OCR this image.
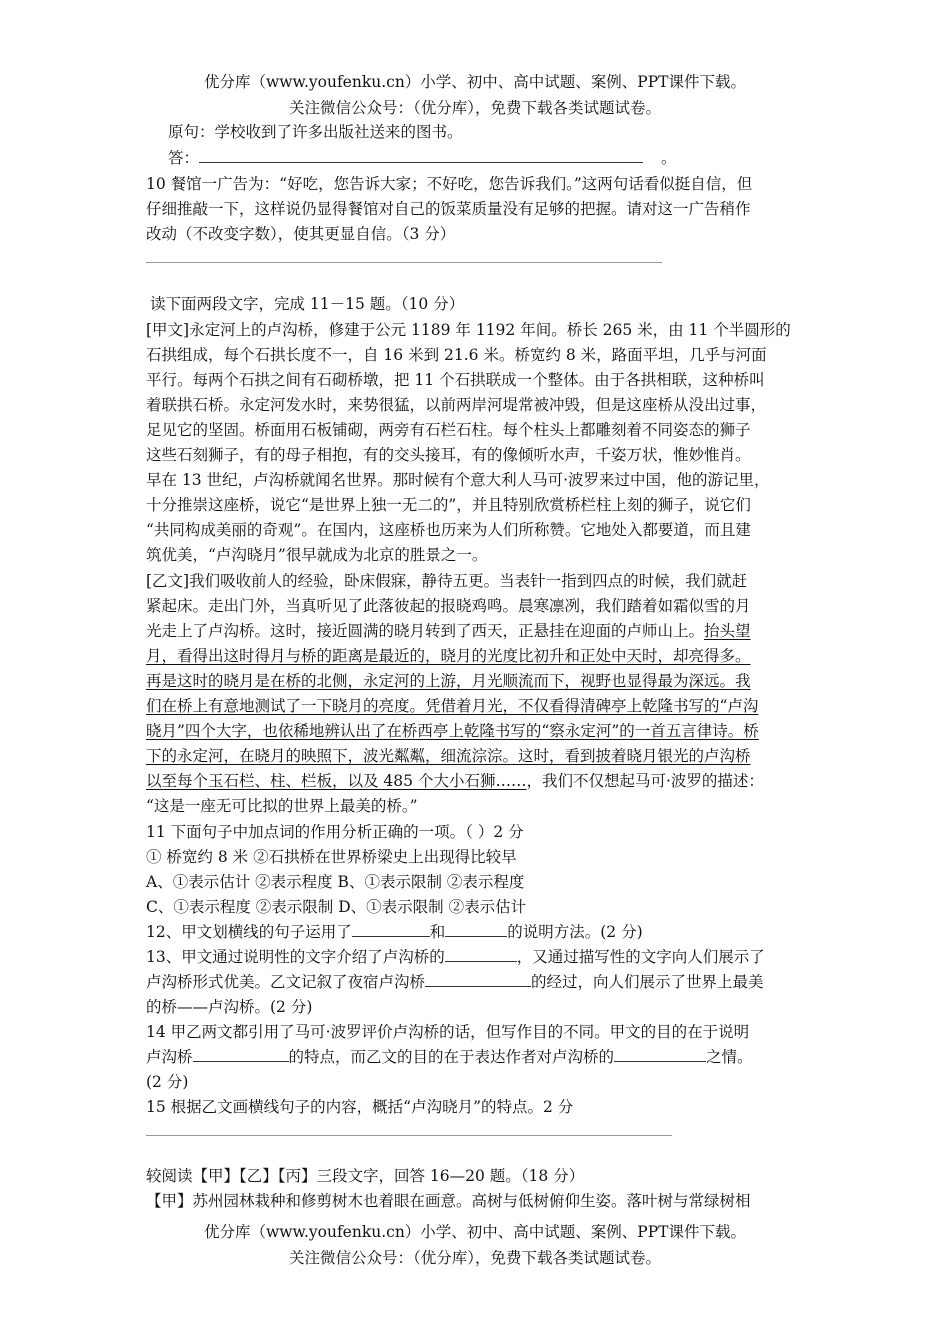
优分库（www.youfenku.cn）小学、初中、高中试题、案例、PPT课件下载。
关注微信公众号：（优分库），免费下载各类试题试卷。
原句：学校收到了许多出版社送来的图书。
答：	。
10 餐馆一广告为：“好吃，您告诉大家；不好吃，您告诉我们。”这两句话看似挺自信，但
仔细推敲一下，这样说仍显得餐馆对自己的饭菜质量没有足够的把握。请对这一广告稍作
改动（不改变字数），使其更显自信。（3 分）
读下面两段文字，完成 11－15 题。（10 分）
[甲文]永定河上的卢沟桥，修建于公元 1189 年 1192 年间。桥长 265 米，由 11 个半圆形的
石拱组成，每个石拱长度不一，自 16 米到 21.6 米。桥宽约 8 米，路面平坦，几乎与河面
平行。每两个石拱之间有石砌桥墩，把 11 个石拱联成一个整体。由于各拱相联，这种桥叫
着联拱石桥。永定河发水时，来势很猛，以前两岸河堤常被冲毁，但是这座桥从没出过事，
足见它的坚固。桥面用石板铺砌，两旁有石栏石柱。每个柱头上都雕刻着不同姿态的狮子
这些石刻狮子，有的母子相抱，有的交头接耳，有的像倾听水声，千姿万状，惟妙惟肖。
早在 13 世纪，卢沟桥就闻名世界。那时候有个意大利人马可·波罗来过中国，他的游记里，
十分推崇这座桥，说它“是世界上独一无二的”，并且特别欣赏桥栏柱上刻的狮子，说它们
“共同构成美丽的奇观”。在国内，这座桥也历来为人们所称赞。它地处入都要道，而且建
筑优美，“卢沟晓月”很早就成为北京的胜景之一。
[乙文]我们吸收前人的经验，卧床假寐，静待五更。当表针一指到四点的时候，我们就赶
紧起床。走出门外，当真听见了此落彼起的报晓鸡鸣。晨寒凛冽，我们踏着如霜似雪的月
光走上了卢沟桥。这时，接近圆满的晓月转到了西天，正悬挂在迎面的卢师山上。抬头望
月，看得出这时得月与桥的距离是最近的，晓月的光度比初升和正处中天时，却亮得多。
再是这时的晓月是在桥的北侧，永定河的上游，月光顺流而下，视野也显得最为深远。我
们在桥上有意地测试了一下晓月的亮度。凭借着月光，不仅看得清碑亭上乾隆书写的“卢沟
晓月”四个大字，也依稀地辨认出了在桥西亭上乾隆书写的“察永定河”的一首五言律诗。桥
下的永定河，在晓月的映照下，波光粼粼，细流淙淙。这时，看到披着晓月银光的卢沟桥
以至每个玉石栏、柱、栏板，以及 485 个大小石狮……，我们不仅想起马可·波罗的描述：
“这是一座无可比拟的世界上最美的桥。”
11 下面句子中加点词的作用分析正确的一项。（ ）2 分
① 桥宽约 8 米 ②石拱桥在世界桥梁史上出现得比较早
A、①表示估计 ②表示程度 B、①表示限制 ②表示程度
C、①表示程度 ②表示限制 D、①表示限制 ②表示估计
12、甲文划横线的句子运用了	和	的说明方法。(2 分)
13、甲文通过说明性的文字介绍了卢沟桥的	，又通过描写性的文字向人们展示了
卢沟桥形式优美。乙文记叙了夜宿卢沟桥	的经过，向人们展示了世界上最美
的桥——卢沟桥。(2 分)
14 甲乙两文都引用了马可·波罗评价卢沟桥的话，但写作目的不同。甲文的目的在于说明
卢沟桥	的特点，而乙文的目的在于表达作者对卢沟桥的	之情。
(2 分)
15 根据乙文画横线句子的内容，概括“卢沟晓月”的特点。2 分
较阅读【甲】【乙】【丙】三段文字，回答 16—20 题。（18 分）
【甲】苏州园林栽种和修剪树木也着眼在画意。高树与低树俯仰生姿。落叶树与常绿树相
优分库（www.youfenku.cn）小学、初中、高中试题、案例、PPT课件下载。
关注微信公众号：（优分库），免费下载各类试题试卷。
